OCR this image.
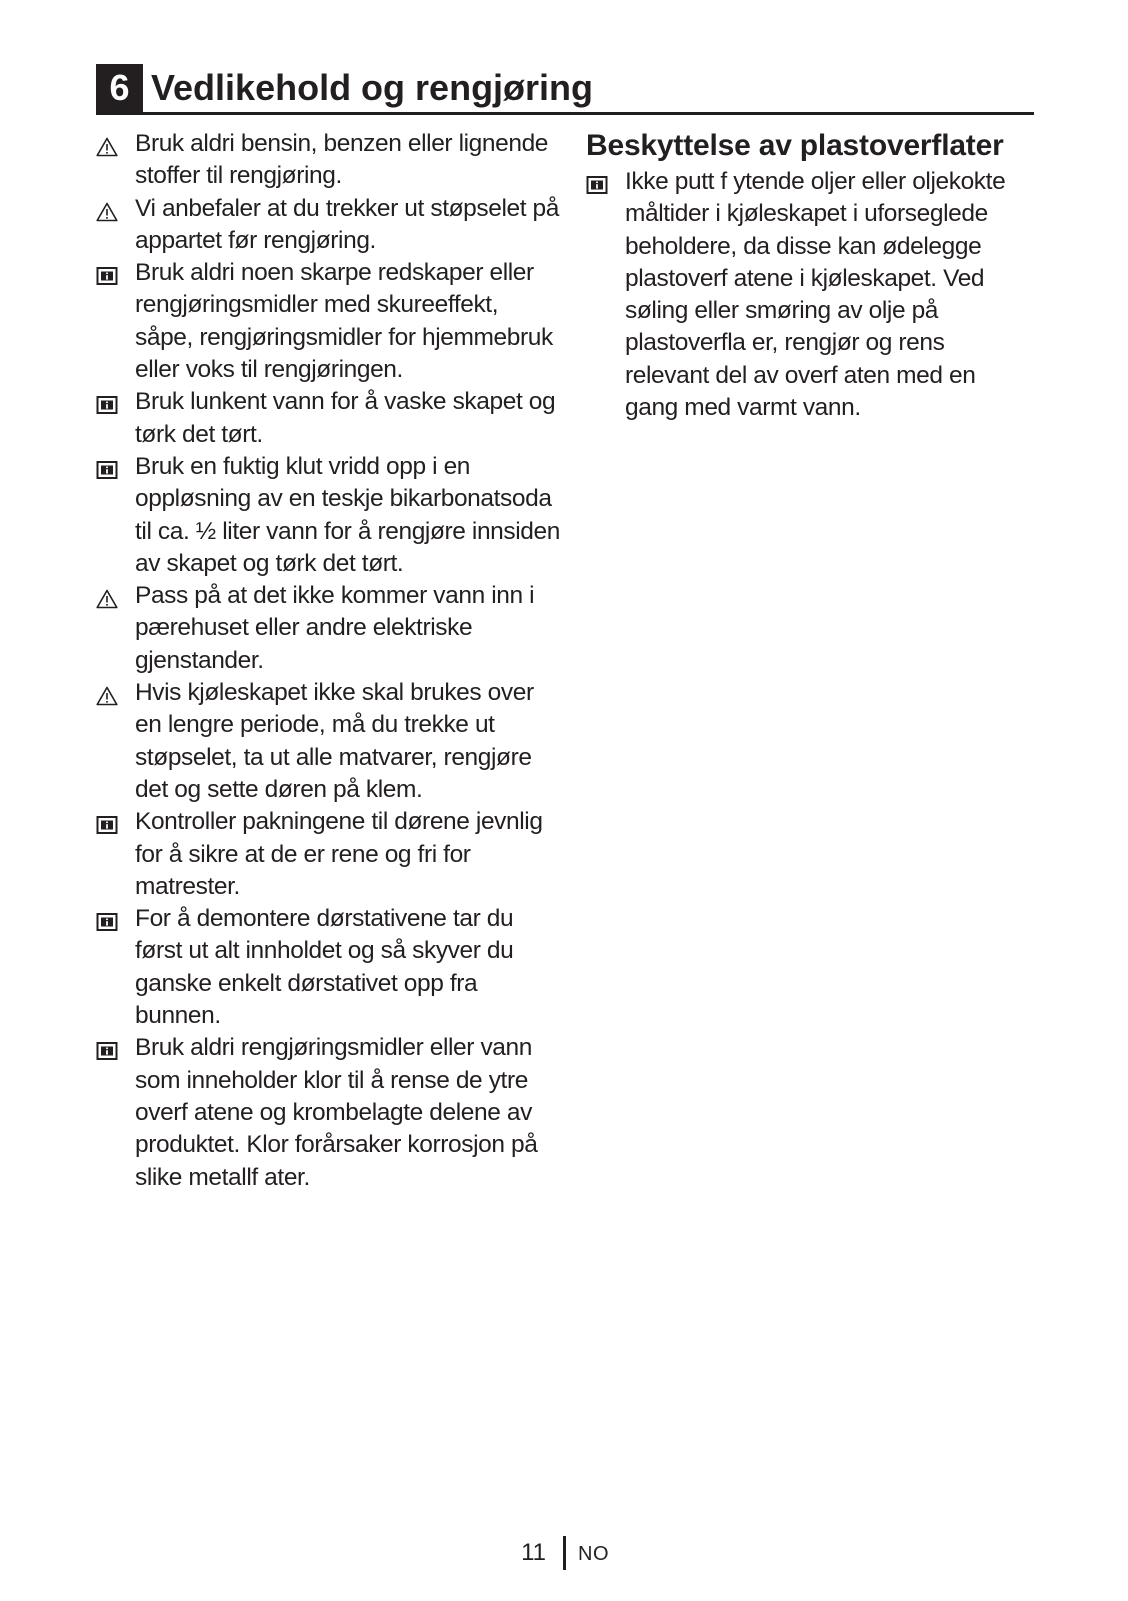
6 Vedlikehold og rengjøring
Bruk aldri bensin, benzen eller lignende stoffer til rengjøring.
Vi anbefaler at du trekker ut støpselet på appartet før rengjøring.
Bruk aldri noen skarpe redskaper eller rengjøringsmidler med skureeffekt, såpe, rengjøringsmidler for hjemmebruk eller voks til rengjøringen.
Bruk lunkent vann for å vaske skapet og tørk det tørt.
Bruk en fuktig klut vridd opp i en oppløsning av en teskje bikarbonatsoda til ca. ½ liter vann for å rengjøre innsiden av skapet og tørk det tørt.
Pass på at det ikke kommer vann inn i pærehuset eller andre elektriske gjenstander.
Hvis kjøleskapet ikke skal brukes over en lengre periode, må du trekke ut støpselet, ta ut alle matvarer, rengjøre det og sette døren på klem.
Kontroller pakningene til dørene jevnlig for å sikre at de er rene og fri for matrester.
For å demontere dørstativene tar du først ut alt innholdet og så skyver du ganske enkelt dørstativet opp fra bunnen.
Bruk aldri rengjøringsmidler eller vann som inneholder klor til å rense de ytre overf atene og krombelagte delene av produktet. Klor forårsaker korrosjon på slike metallf ater.
Beskyttelse av plastoverflater
Ikke putt f ytende oljer eller oljekokte måltider i kjøleskapet i uforseglede beholdere, da disse kan ødelegge plastoverf atene i kjøleskapet. Ved søling eller smøring av olje på plastoverfla er, rengjør og rens relevant del av overf aten med en gang med varmt vann.
11 NO
